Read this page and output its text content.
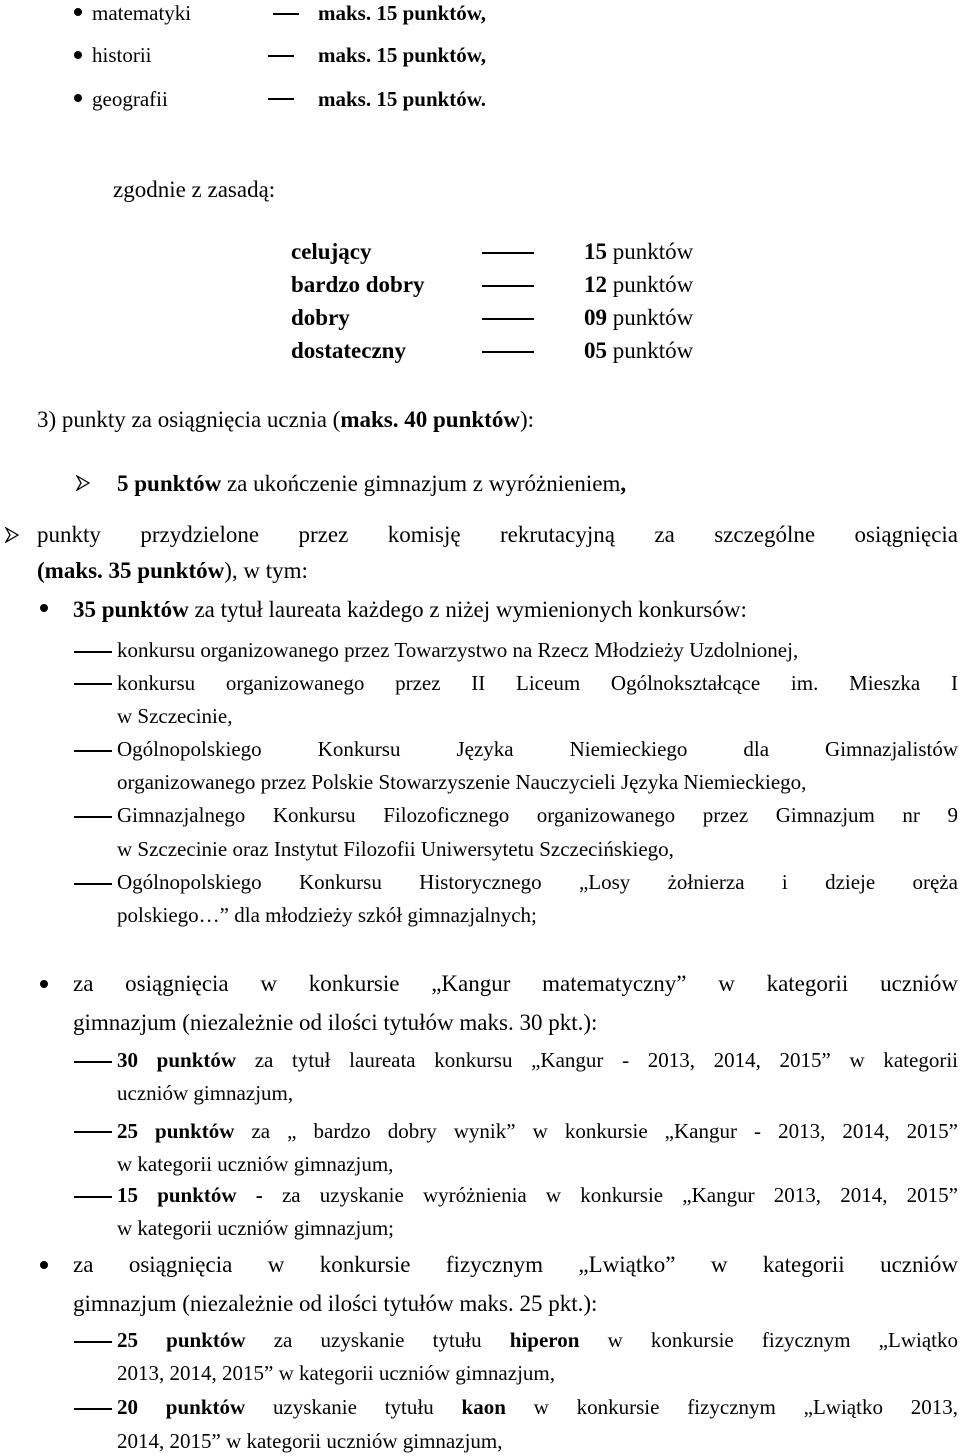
matematyki	maks. 15 punktów,
historii	maks. 15 punktów,
geografii	maks. 15 punktów.
zgodnie z zasadą:
celujący	15 punktów
bardzo dobry	12 punktów
dobry	09 punktów
dostateczny	05 punktów
3) punkty za osiągnięcia ucznia (maks. 40 punktów):
5 punktów za ukończenie gimnazjum z wyróżnieniem,
punkty przydzielone przez komisję rekrutacyjną za szczególne osiągnięcia
(maks. 35 punktów), w tym:
35 punktów za tytuł laureata każdego z niżej wymienionych konkursów:
konkursu organizowanego przez Towarzystwo na Rzecz Młodzieży Uzdolnionej,
konkursu organizowanego przez II Liceum Ogólnokształcące im. Mieszka I
w Szczecinie,
Ogólnopolskiego Konkursu Języka Niemieckiego dla Gimnazjalistów
organizowanego przez Polskie Stowarzyszenie Nauczycieli Języka Niemieckiego,
Gimnazjalnego Konkursu Filozoficznego organizowanego przez Gimnazjum nr 9
w Szczecinie oraz Instytut Filozofii Uniwersytetu Szczecińskiego,
Ogólnopolskiego Konkursu Historycznego „Losy żołnierza i dzieje oręża
polskiego…” dla młodzieży szkół gimnazjalnych;
za osiągnięcia w konkursie „Kangur matematyczny” w kategorii uczniów
gimnazjum (niezależnie od ilości tytułów maks. 30 pkt.):
30 punktów za tytuł laureata konkursu „Kangur - 2013, 2014, 2015” w kategorii
uczniów gimnazjum,
25 punktów za „ bardzo dobry wynik” w konkursie „Kangur - 2013, 2014, 2015”
w kategorii uczniów gimnazjum,
15 punktów - za uzyskanie wyróżnienia w konkursie „Kangur 2013, 2014, 2015”
w kategorii uczniów gimnazjum;
za osiągnięcia w konkursie fizycznym „Lwiątko” w kategorii uczniów
gimnazjum (niezależnie od ilości tytułów maks. 25 pkt.):
25 punktów za uzyskanie tytułu hiperon w konkursie fizycznym „Lwiątko
2013, 2014, 2015” w kategorii uczniów gimnazjum,
20 punktów uzyskanie tytułu kaon w konkursie fizycznym „Lwiątko 2013,
2014, 2015” w kategorii uczniów gimnazjum,
